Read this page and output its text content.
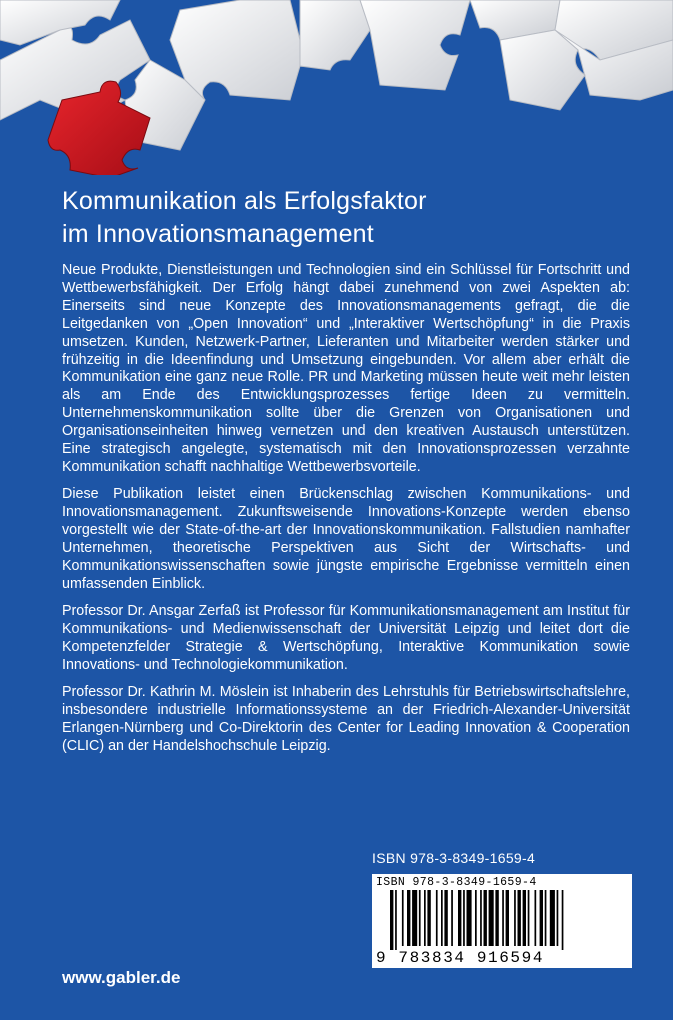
Kommunikation als Erfolgsfaktor
im Innovationsmanagement

Neue Produkte, Dienstleistungen und Technologien sind ein Schlüssel für Fortschritt und Wettbewerbsfähigkeit. Der Erfolg hängt dabei zunehmend von zwei Aspekten ab: Einerseits sind neue Konzepte des Innovationsmanagements gefragt, die die Leitgedanken von „Open Innovation“ und „Interaktiver Wertschöpfung“ in die Praxis umsetzen. Kunden, Netzwerk-Partner, Lieferanten und Mitarbeiter werden stärker und frühzeitig in die Ideenfindung und Umsetzung eingebunden. Vor allem aber erhält die Kommunikation eine ganz neue Rolle. PR und Marketing müssen heute weit mehr leisten als am Ende des Entwicklungsprozesses fertige Ideen zu vermitteln. Unternehmenskommunikation sollte über die Grenzen von Organisationen und Organisationseinheiten hinweg vernetzen und den kreativen Austausch unterstützen. Eine strategisch angelegte, systematisch mit den Innovationsprozessen verzahnte Kommunikation schafft nachhaltige Wettbewerbsvorteile.

Diese Publikation leistet einen Brückenschlag zwischen Kommunikations- und Innovationsmanagement. Zukunftsweisende Innovations-Konzepte werden ebenso vorgestellt wie der State-of-the-art der Innovationskommunikation. Fallstudien namhafter Unternehmen, theoretische Perspektiven aus Sicht der Wirtschafts- und Kommunikationswissenschaften sowie jüngste empirische Ergebnisse vermitteln einen umfassenden Einblick.

Professor Dr. Ansgar Zerfaß ist Professor für Kommunikationsmanagement am Institut für Kommunikations- und Medienwissenschaft der Universität Leipzig und leitet dort die Kompetenzfelder Strategie & Wertschöpfung, Interaktive Kommunikation sowie Innovations- und Technologiekommunikation.

Professor Dr. Kathrin M. Möslein ist Inhaberin des Lehrstuhls für Betriebswirtschaftslehre, insbesondere industrielle Informationssysteme an der Friedrich-Alexander-Universität Erlangen-Nürnberg und Co-Direktorin des Center for Leading Innovation & Cooperation (CLIC) an der Handelshochschule Leipzig.

ISBN 978-3-8349-1659-4
ISBN 978-3-8349-1659-4
9 783834 916594
www.gabler.de
